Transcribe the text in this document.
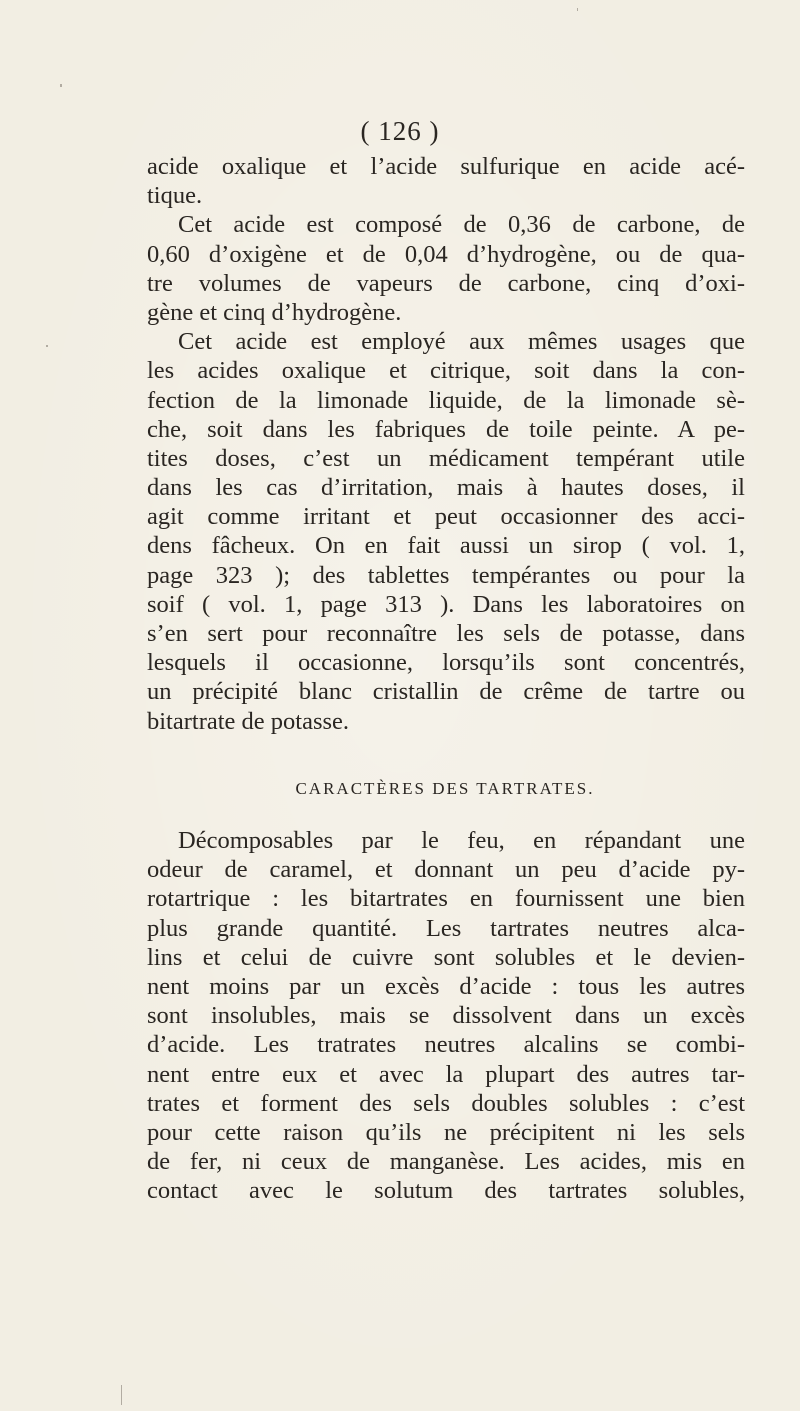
( 126 )
acide oxalique et l’acide sulfurique en acide acé-
tique.
Cet acide est composé de 0,36 de carbone, de
0,60 d’oxigène et de 0,04 d’hydrogène, ou de qua-
tre volumes de vapeurs de carbone, cinq d’oxi-
gène et cinq d’hydrogène.
Cet acide est employé aux mêmes usages que
les acides oxalique et citrique, soit dans la con-
fection de la limonade liquide, de la limonade sè-
che, soit dans les fabriques de toile peinte. A pe-
tites doses, c’est un médicament tempérant utile
dans les cas d’irritation, mais à hautes doses, il
agit comme irritant et peut occasionner des acci-
dens fâcheux. On en fait aussi un sirop ( vol. 1,
page 323 ); des tablettes tempérantes ou pour la
soif ( vol. 1, page 313 ). Dans les laboratoires on
s’en sert pour reconnaître les sels de potasse, dans
lesquels il occasionne, lorsqu’ils sont concentrés,
un précipité blanc cristallin de crême de tartre ou
bitartrate de potasse.
CARACTÈRES DES TARTRATES.
Décomposables par le feu, en répandant une
odeur de caramel, et donnant un peu d’acide py-
rotartrique : les bitartrates en fournissent une bien
plus grande quantité. Les tartrates neutres alca-
lins et celui de cuivre sont solubles et le devien-
nent moins par un excès d’acide : tous les autres
sont insolubles, mais se dissolvent dans un excès
d’acide. Les tratrates neutres alcalins se combi-
nent entre eux et avec la plupart des autres tar-
trates et forment des sels doubles solubles : c’est
pour cette raison qu’ils ne précipitent ni les sels
de fer, ni ceux de manganèse. Les acides, mis en
contact avec le solutum des tartrates solubles,
